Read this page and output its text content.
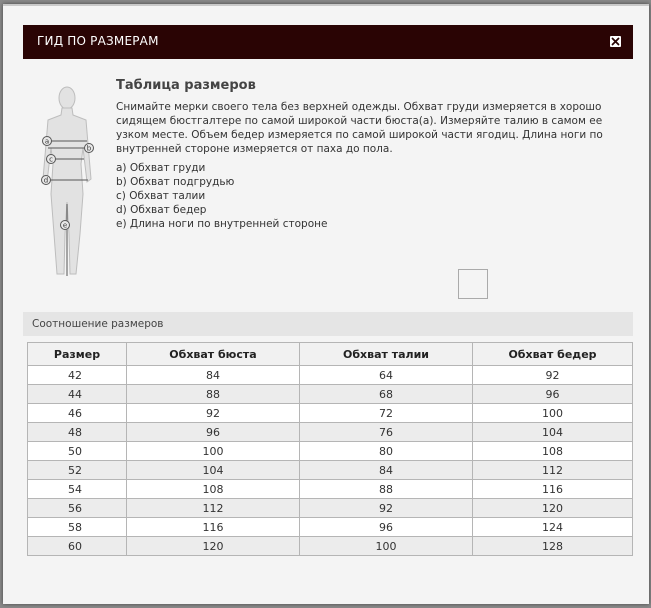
ГИД ПО РАЗМЕРАМ
a
b
c
d
e
Таблица размеров
Снимайте мерки своего тела без верхней одежды. Обхват груди измеряется в хорошо сидящем бюстгалтере по самой широкой части бюста(а). Измеряйте талию в самом ее узком месте. Объем бедер измеряется по самой широкой части ягодиц. Длина ноги по внутренней стороне измеряется от паха до пола.
a) Обхват груди
b) Обхват подгрудью
c) Обхват талии
d) Обхват бедер
e) Длина ноги по внутренней стороне
Соотношение размеров
Размер	Обхват бюста	Обхват талии	Обхват бедер
42	84	64	92
44	88	68	96
46	92	72	100
48	96	76	104
50	100	80	108
52	104	84	112
54	108	88	116
56	112	92	120
58	116	96	124
60	120	100	128
